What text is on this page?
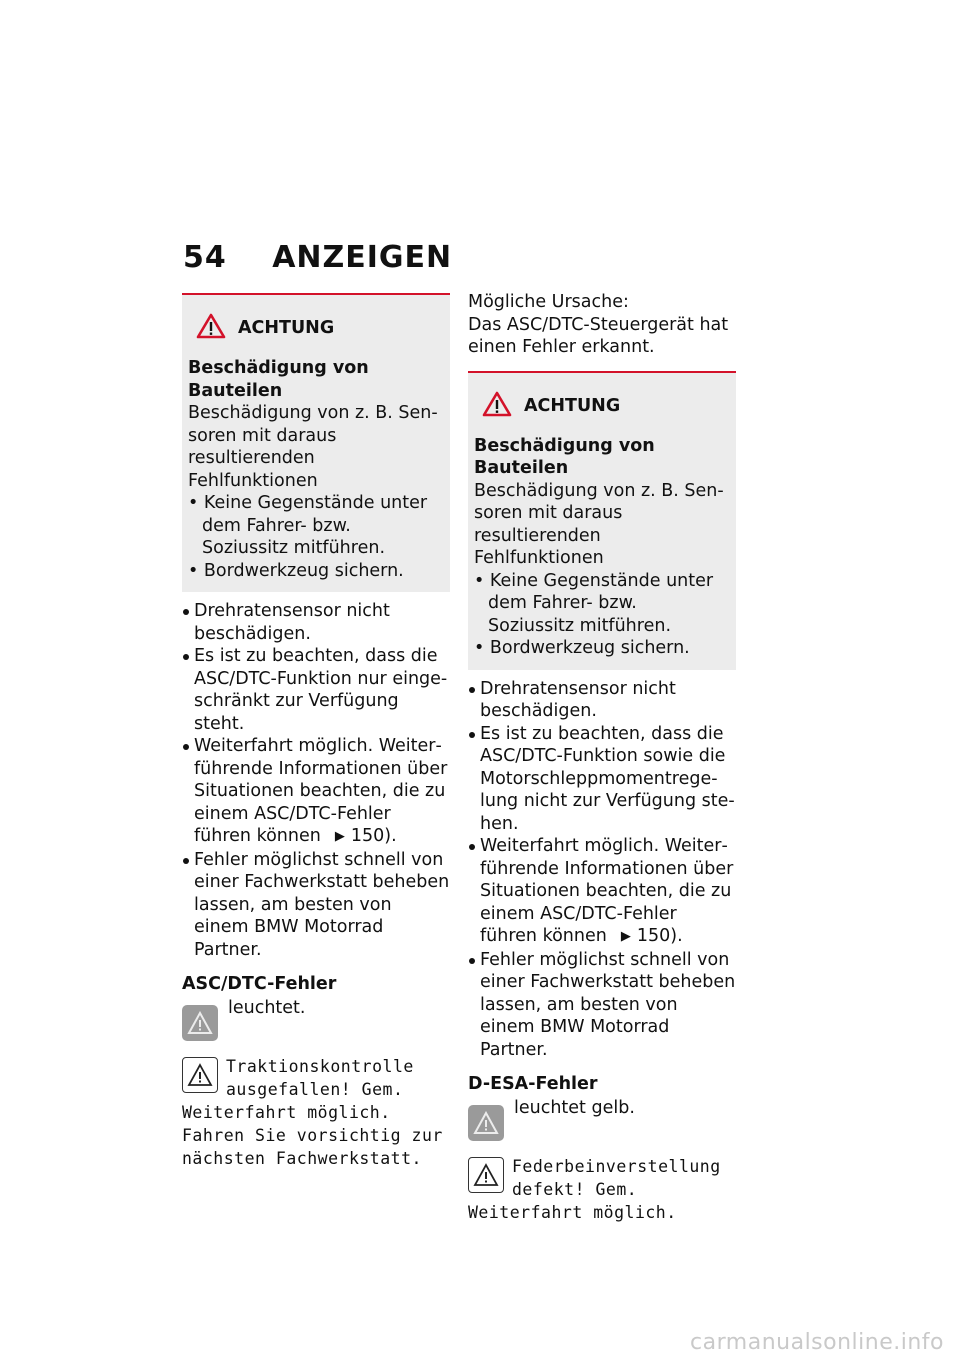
54 ANZEIGEN
ACHTUNG

Beschädigung von Bauteilen

Beschädigung von z. B. Sensoren mit daraus resultierenden Fehlfunktionen

• Keine Gegenstände unter dem Fahrer- bzw. Soziussitz mitführen.
• Bordwerkzeug sichern.
Drehratensensor nicht beschädigen.
Es ist zu beachten, dass die ASC/DTC-Funktion nur eingeschränkt zur Verfügung steht.
Weiterfahrt möglich. Weiterführende Informationen über Situationen beachten, die zu einem ASC/DTC-Fehler führen können ▶ 150).
Fehler möglichst schnell von einer Fachwerkstatt beheben lassen, am besten von einem BMW Motorrad Partner.
ASC/DTC-Fehler
leuchtet.
Traktionskontrolle ausgefallen! Gem. Weiterfahrt möglich. Fahren Sie vorsichtig zur nächsten Fachwerkstatt.

Mögliche Ursache:

Das ASC/DTC-Steuergerät hat einen Fehler erkannt.

ACHTUNG

Beschädigung von Bauteilen

Beschädigung von z. B. Sensoren mit daraus resultierenden Fehlfunktionen

• Keine Gegenstände unter dem Fahrer- bzw. Soziussitz mitführen.
• Bordwerkzeug sichern.
Drehratensensor nicht beschädigen.
Es ist zu beachten, dass die ASC/DTC-Funktion sowie die Motorschleppmomentregelung nicht zur Verfügung stehen.
Weiterfahrt möglich. Weiterführende Informationen über Situationen beachten, die zu einem ASC/DTC-Fehler führen können ▶ 150).
Fehler möglichst schnell von einer Fachwerkstatt beheben lassen, am besten von einem BMW Motorrad Partner.
D-ESA-Fehler
leuchtet gelb.
Federbeinverstellung defekt! Gem. Weiterfahrt möglich.
carmanualsonline.info
